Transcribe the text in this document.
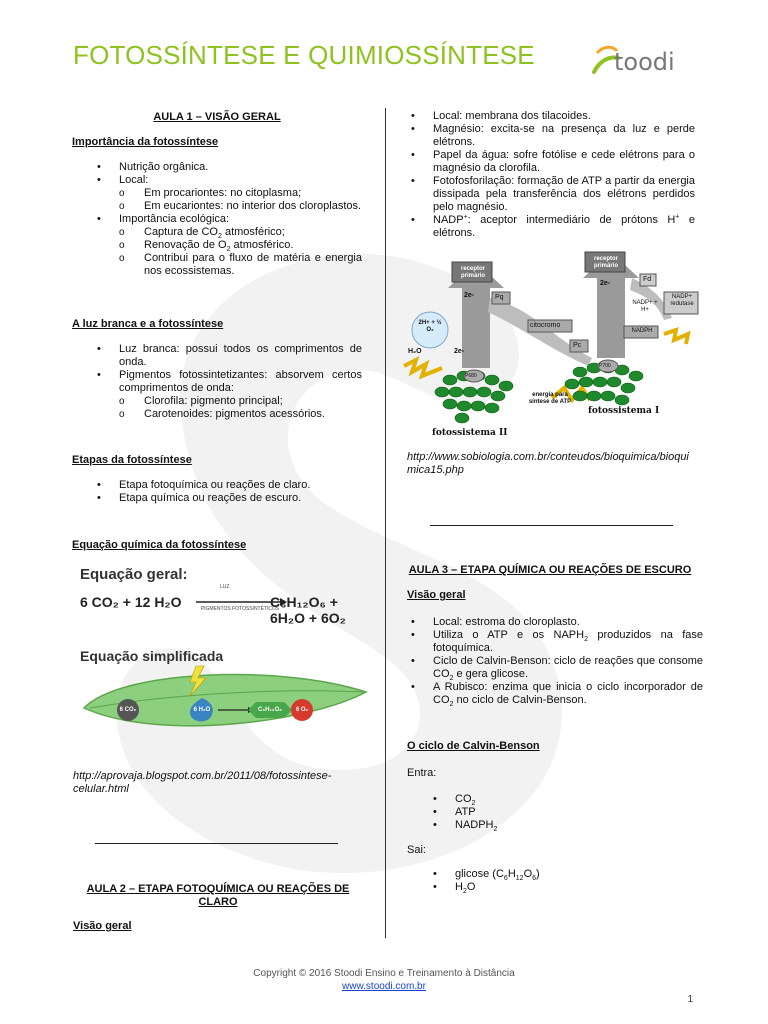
FOTOSSÍNTESE E QUIMIOSSÍNTESE	toodi
AULA 1 – VISÃO GERAL
Importância da fotossíntese
• Nutrição orgânica.
• Local:
o Em procariontes: no citoplasma;
o Em eucariontes: no interior dos cloroplastos.
• Importância ecológica:
o Captura de $CO_2$ atmosférico;
o Renovação de $O_2$ atmosférico.
o Contribui para o fluxo de matéria e energia nos ecossistemas.
A luz branca e a fotossíntese
• Luz branca: possui todos os comprimentos de onda.
• Pigmentos fotossintetizantes: absorvem certos comprimentos de onda:
o Clorofila: pigmento principal;
o Carotenoides: pigmentos acessórios.
Etapas da fotossíntese
• Etapa fotoquímica ou reações de claro.
• Etapa química ou reações de escuro.
Equação química da fotossíntese
Equação geral:
6 CO₂ + 12 H₂O
LUZ
PIGMENTOS FOTOSSINTÉTICOS
C₆H₁₂O₆ + 6H₂O + 6O₂
Equação simplificada
6 CO₂	6 H₂O	C₆H₁₂O₆	6 O₂
http://aprovaja.blogspot.com.br/2011/08/fotossintese-celular.html
AULA 2 – ETAPA FOTOQUÍMICA OU REAÇÕES DE CLARO
Visão geral
• Local: membrana dos tilacoides.
• Magnésio: excita-se na presença da luz e perde elétrons.
• Papel da água: sofre fotólise e cede elétrons para o magnésio da clorofila.
• Fotofosforilação: formação de ATP a partir da energia dissipada pela transferência dos elétrons perdidos pelo magnésio.
• NADP+: aceptor intermediário de prótons H+ e elétrons.
receptor primário
receptor primário
2e-
2e-
2e-
Pq
citocromo
Pc
Fd
NADP+ redutase
NADP+ + H+
NADPH
2H+ + ½ O₂
H₂O
P680
P700
energia para síntese de ATP
fotossistema I
fotossistema II
http://www.sobiologia.com.br/conteudos/bioquimica/bioquimica15.php
AULA 3 – ETAPA QUÍMICA OU REAÇÕES DE ESCURO
Visão geral
• Local: estroma do cloroplasto.
• Utiliza o ATP e os $NAPH_2$ produzidos na fase fotoquímica.
• Ciclo de Calvin-Benson: ciclo de reações que consome $CO_2$ e gera glicose.
• A Rubisco: enzima que inicia o ciclo incorporador de $CO_2$ no ciclo de Calvin-Benson.
O ciclo de Calvin-Benson
Entra:
• $CO_2$
• ATP
• $NADPH_2$
Sai:
• glicose $(C_6H_{12}O_6)$
• $H_2O$
Copyright © 2016 Stoodi Ensino e Treinamento à Distância
www.stoodi.com.br
1
